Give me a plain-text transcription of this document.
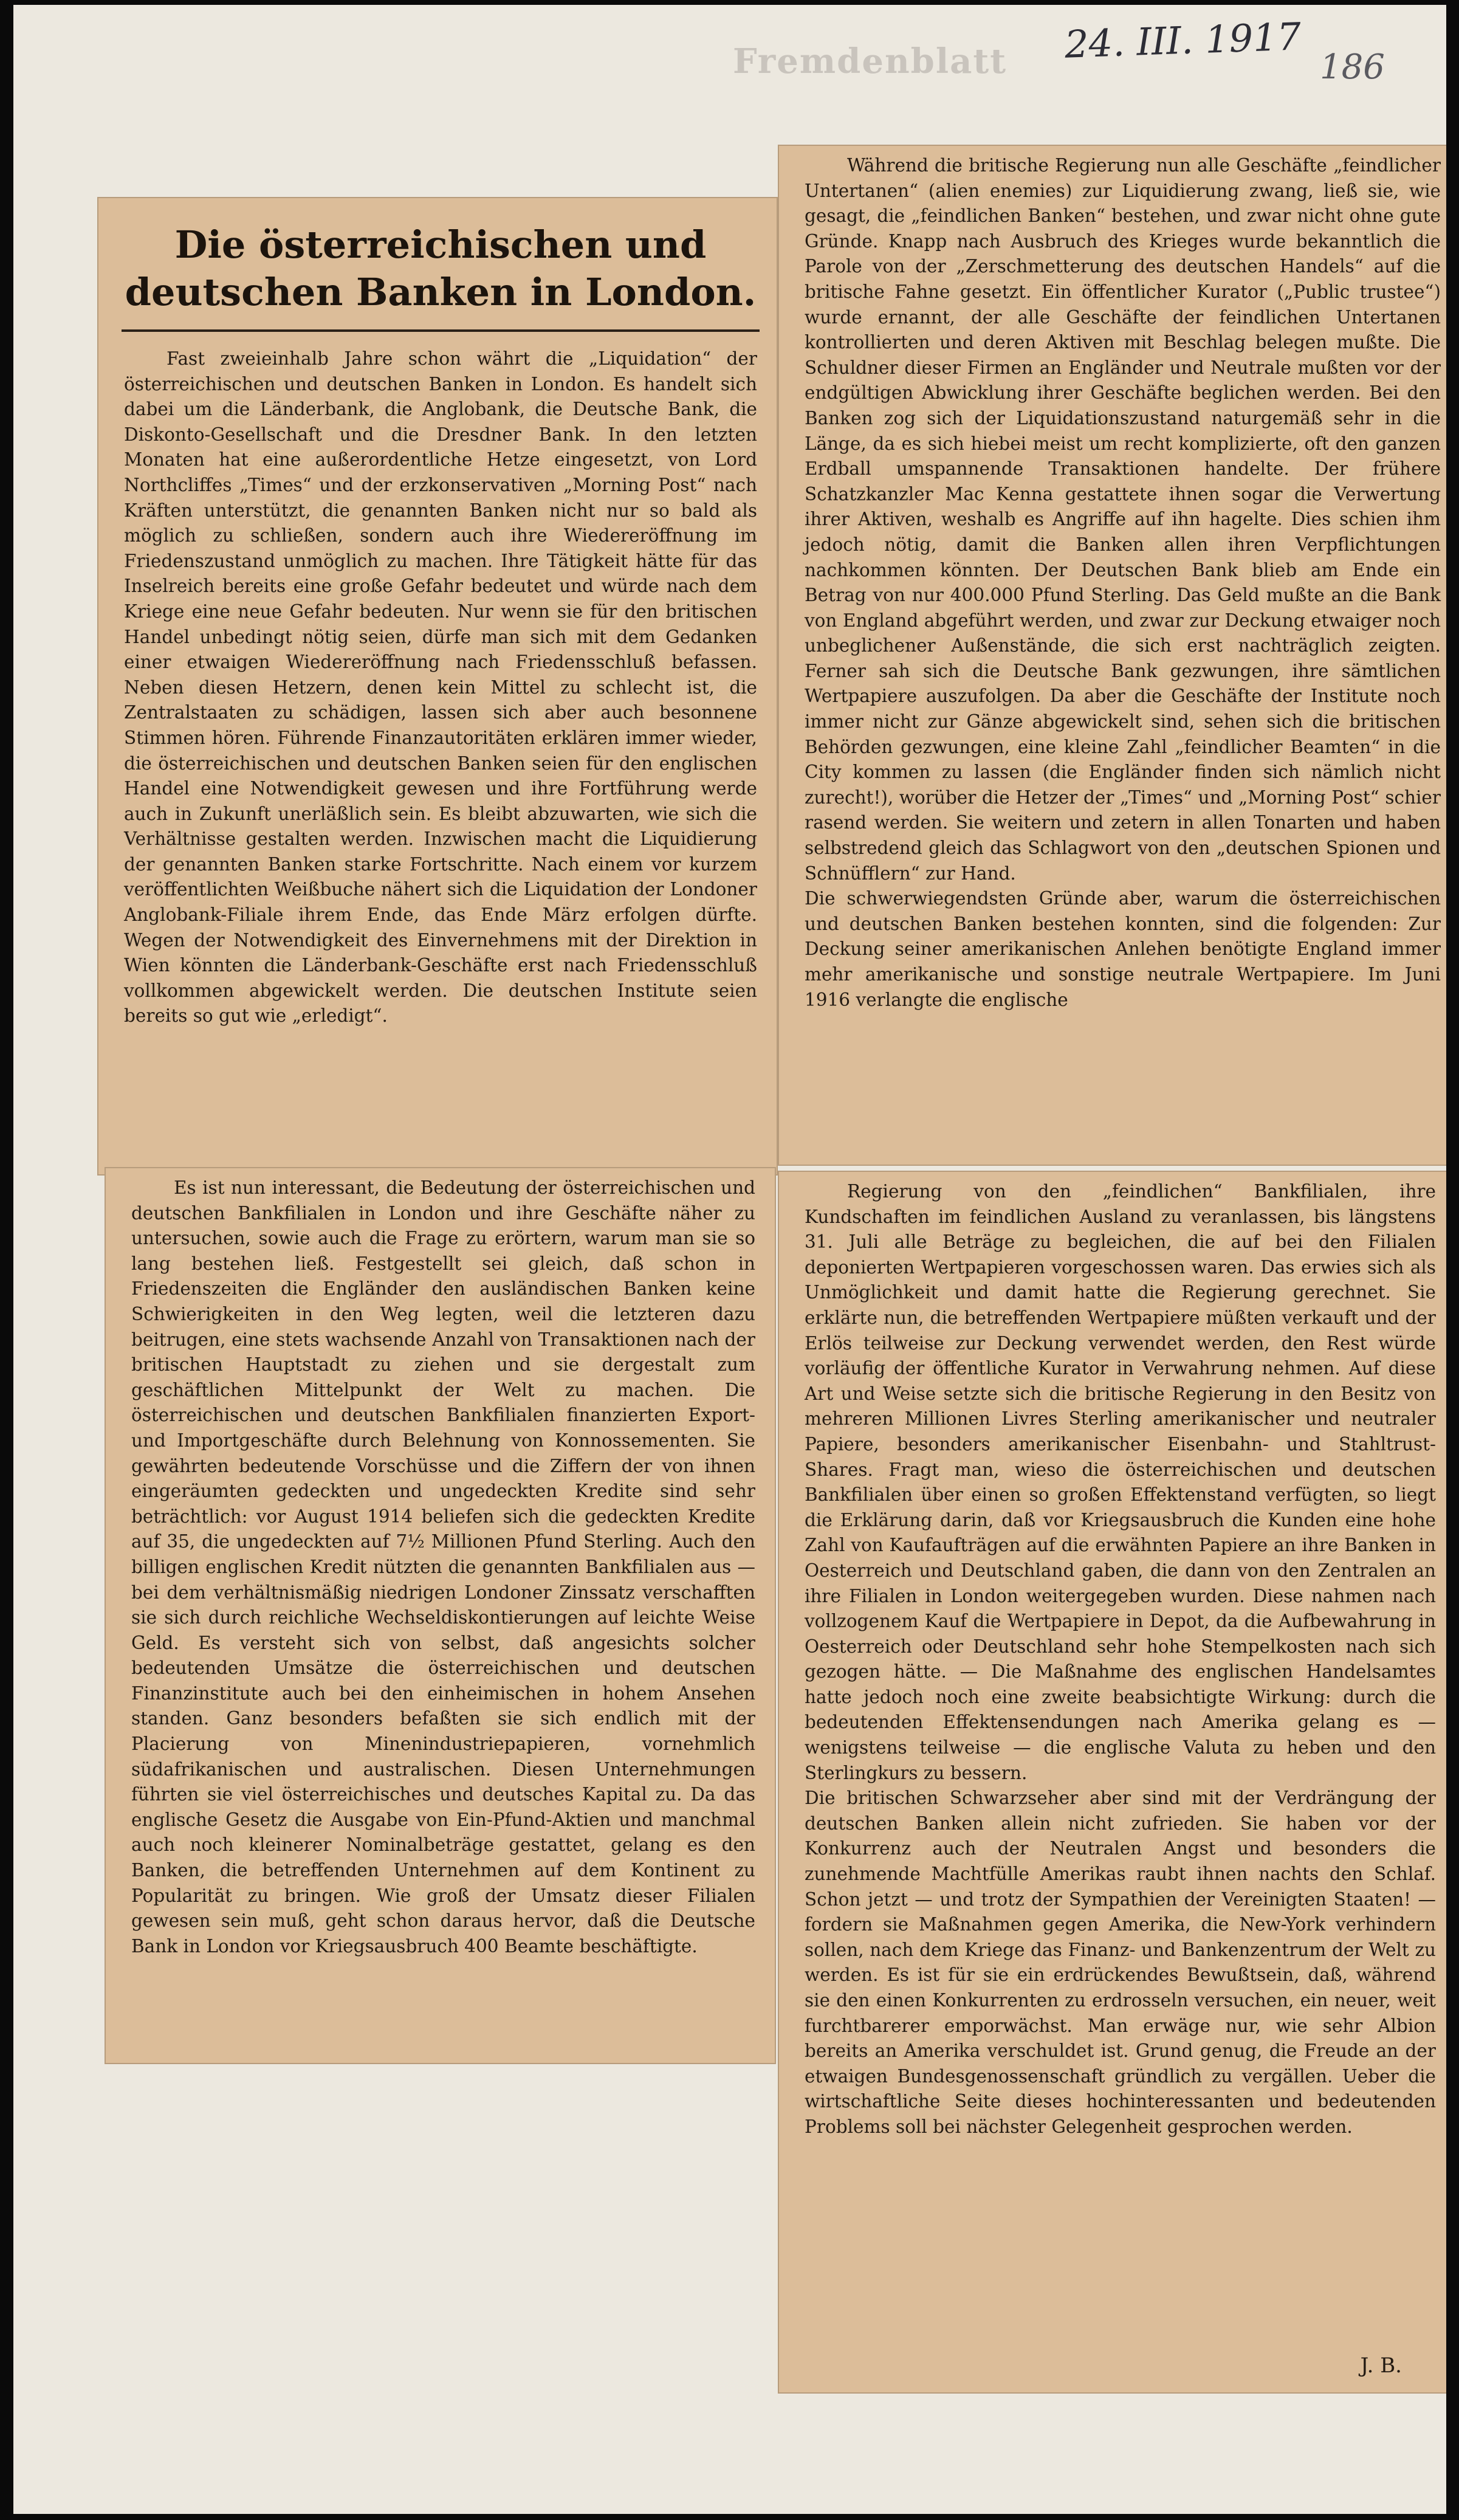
Fremdenblatt 24. III. 1917
186
Die österreichischen und deutschen Banken in London.

Fast zweieinhalb Jahre schon währt die „Liquidation“ der österreichischen und deutschen Banken in London. Es handelt sich dabei um die Länderbank, die Anglobank, die Deutsche Bank, die Diskonto-Gesellschaft und die Dresdner Bank. In den letzten Monaten hat eine außerordentliche Hetze eingesetzt, von Lord Northcliffes „Times“ und der erzkonservativen „Morning Post“ nach Kräften unterstützt, die genannten Banken nicht nur so bald als möglich zu schließen, sondern auch ihre Wiedereröffnung im Friedenszustand unmöglich zu machen. Ihre Tätigkeit hätte für das Inselreich bereits eine große Gefahr bedeutet und würde nach dem Kriege eine neue Gefahr bedeuten. Nur wenn sie für den britischen Handel unbedingt nötig seien, dürfe man sich mit dem Gedanken einer etwaigen Wiedereröffnung nach Friedensschluß befassen. Neben diesen Hetzern, denen kein Mittel zu schlecht ist, die Zentralstaaten zu schädigen, lassen sich aber auch besonnene Stimmen hören. Führende Finanzautoritäten erklären immer wieder, die österreichischen und deutschen Banken seien für den englischen Handel eine Notwendigkeit gewesen und ihre Fortführung werde auch in Zukunft unerläßlich sein. Es bleibt abzuwarten, wie sich die Verhältnisse gestalten werden. Inzwischen macht die Liquidierung der genannten Banken starke Fortschritte. Nach einem vor kurzem veröffentlichten Weißbuche nähert sich die Liquidation der Londoner Anglobank-Filiale ihrem Ende, das Ende März erfolgen dürfte. Wegen der Notwendigkeit des Einvernehmens mit der Direktion in Wien könnten die Länderbank-Geschäfte erst nach Friedensschluß vollkommen abgewickelt werden. Die deutschen Institute seien bereits so gut wie „erledigt“.

Es ist nun interessant, die Bedeutung der österreichischen und deutschen Bankfilialen in London und ihre Geschäfte näher zu untersuchen, sowie auch die Frage zu erörtern, warum man sie so lang bestehen ließ. Festgestellt sei gleich, daß schon in Friedenszeiten die Engländer den ausländischen Banken keine Schwierigkeiten in den Weg legten, weil die letzteren dazu beitrugen, eine stets wachsende Anzahl von Transaktionen nach der britischen Hauptstadt zu ziehen und sie dergestalt zum geschäftlichen Mittelpunkt der Welt zu machen. Die österreichischen und deutschen Bankfilialen finanzierten Export- und Importgeschäfte durch Belehnung von Konnossementen. Sie gewährten bedeutende Vorschüsse und die Ziffern der von ihnen eingeräumten gedeckten und ungedeckten Kredite sind sehr beträchtlich: vor August 1914 beliefen sich die gedeckten Kredite auf 35, die ungedeckten auf 7½ Millionen Pfund Sterling. Auch den billigen englischen Kredit nützten die genannten Bankfilialen aus — bei dem verhältnismäßig niedrigen Londoner Zinssatz verschafften sie sich durch reichliche Wechseldiskontierungen auf leichte Weise Geld. Es versteht sich von selbst, daß angesichts solcher bedeutenden Umsätze die österreichischen und deutschen Finanzinstitute auch bei den einheimischen in hohem Ansehen standen. Ganz besonders befaßten sie sich endlich mit der Placierung von Minenindustriepapieren, vornehmlich südafrikanischen und australischen. Diesen Unternehmungen führten sie viel österreichisches und deutsches Kapital zu. Da das englische Gesetz die Ausgabe von Ein-Pfund-Aktien und manchmal auch noch kleinerer Nominalbeträge gestattet, gelang es den Banken, die betreffenden Unternehmen auf dem Kontinent zu Popularität zu bringen. Wie groß der Umsatz dieser Filialen gewesen sein muß, geht schon daraus hervor, daß die Deutsche Bank in London vor Kriegsausbruch 400 Beamte beschäftigte.

Während die britische Regierung nun alle Geschäfte „feindlicher Untertanen“ (alien enemies) zur Liquidierung zwang, ließ sie, wie gesagt, die „feindlichen Banken“ bestehen, und zwar nicht ohne gute Gründe. Knapp nach Ausbruch des Krieges wurde bekanntlich die Parole von der „Zerschmetterung des deutschen Handels“ auf die britische Fahne gesetzt. Ein öffentlicher Kurator („Public trustee“) wurde ernannt, der alle Geschäfte der feindlichen Untertanen kontrollierten und deren Aktiven mit Beschlag belegen mußte. Die Schuldner dieser Firmen an Engländer und Neutrale mußten vor der endgültigen Abwicklung ihrer Geschäfte beglichen werden. Bei den Banken zog sich der Liquidationszustand naturgemäß sehr in die Länge, da es sich hiebei meist um recht komplizierte, oft den ganzen Erdball umspannende Transaktionen handelte. Der frühere Schatzkanzler Mac Kenna gestattete ihnen sogar die Verwertung ihrer Aktiven, weshalb es Angriffe auf ihn hagelte. Dies schien ihm jedoch nötig, damit die Banken allen ihren Verpflichtungen nachkommen könnten. Der Deutschen Bank blieb am Ende ein Betrag von nur 400.000 Pfund Sterling. Das Geld mußte an die Bank von England abgeführt werden, und zwar zur Deckung etwaiger noch unbeglichener Außenstände, die sich erst nachträglich zeigten. Ferner sah sich die Deutsche Bank gezwungen, ihre sämtlichen Wertpapiere auszufolgen. Da aber die Geschäfte der Institute noch immer nicht zur Gänze abgewickelt sind, sehen sich die britischen Behörden gezwungen, eine kleine Zahl „feindlicher Beamten“ in die City kommen zu lassen (die Engländer finden sich nämlich nicht zurecht!), worüber die Hetzer der „Times“ und „Morning Post“ schier rasend werden. Sie weitern und zetern in allen Tonarten und haben selbstredend gleich das Schlagwort von den „deutschen Spionen und Schnüfflern“ zur Hand.
Die schwerwiegendsten Gründe aber, warum die österreichischen und deutschen Banken bestehen konnten, sind die folgenden: Zur Deckung seiner amerikanischen Anlehen benötigte England immer mehr amerikanische und sonstige neutrale Wertpapiere. Im Juni 1916 verlangte die englische

Regierung von den „feindlichen“ Bankfilialen, ihre Kundschaften im feindlichen Ausland zu veranlassen, bis längstens 31. Juli alle Beträge zu begleichen, die auf bei den Filialen deponierten Wertpapieren vorgeschossen waren. Das erwies sich als Unmöglichkeit und damit hatte die Regierung gerechnet. Sie erklärte nun, die betreffenden Wertpapiere müßten verkauft und der Erlös teilweise zur Deckung verwendet werden, den Rest würde vorläufig der öffentliche Kurator in Verwahrung nehmen. Auf diese Art und Weise setzte sich die britische Regierung in den Besitz von mehreren Millionen Livres Sterling amerikanischer und neutraler Papiere, besonders amerikanischer Eisenbahn- und Stahltrust-Shares. Fragt man, wieso die österreichischen und deutschen Bankfilialen über einen so großen Effektenstand verfügten, so liegt die Erklärung darin, daß vor Kriegsausbruch die Kunden eine hohe Zahl von Kaufaufträgen auf die erwähnten Papiere an ihre Banken in Oesterreich und Deutschland gaben, die dann von den Zentralen an ihre Filialen in London weitergegeben wurden. Diese nahmen nach vollzogenem Kauf die Wertpapiere in Depot, da die Aufbewahrung in Oesterreich oder Deutschland sehr hohe Stempelkosten nach sich gezogen hätte. — Die Maßnahme des englischen Handelsamtes hatte jedoch noch eine zweite beabsichtigte Wirkung: durch die bedeutenden Effektensendungen nach Amerika gelang es — wenigstens teilweise — die englische Valuta zu heben und den Sterlingkurs zu bessern.
Die britischen Schwarzseher aber sind mit der Verdrängung der deutschen Banken allein nicht zufrieden. Sie haben vor der Konkurrenz auch der Neutralen Angst und besonders die zunehmende Machtfülle Amerikas raubt ihnen nachts den Schlaf. Schon jetzt — und trotz der Sympathien der Vereinigten Staaten! — fordern sie Maßnahmen gegen Amerika, die New-York verhindern sollen, nach dem Kriege das Finanz- und Bankenzentrum der Welt zu werden. Es ist für sie ein erdrückendes Bewußtsein, daß, während sie den einen Konkurrenten zu erdrosseln versuchen, ein neuer, weit furchtbarerer emporwächst. Man erwäge nur, wie sehr Albion bereits an Amerika verschuldet ist. Grund genug, die Freude an der etwaigen Bundesgenossenschaft gründlich zu vergällen. Ueber die wirtschaftliche Seite dieses hochinteressanten und bedeutenden Problems soll bei nächster Gelegenheit gesprochen werden.

J. B.
